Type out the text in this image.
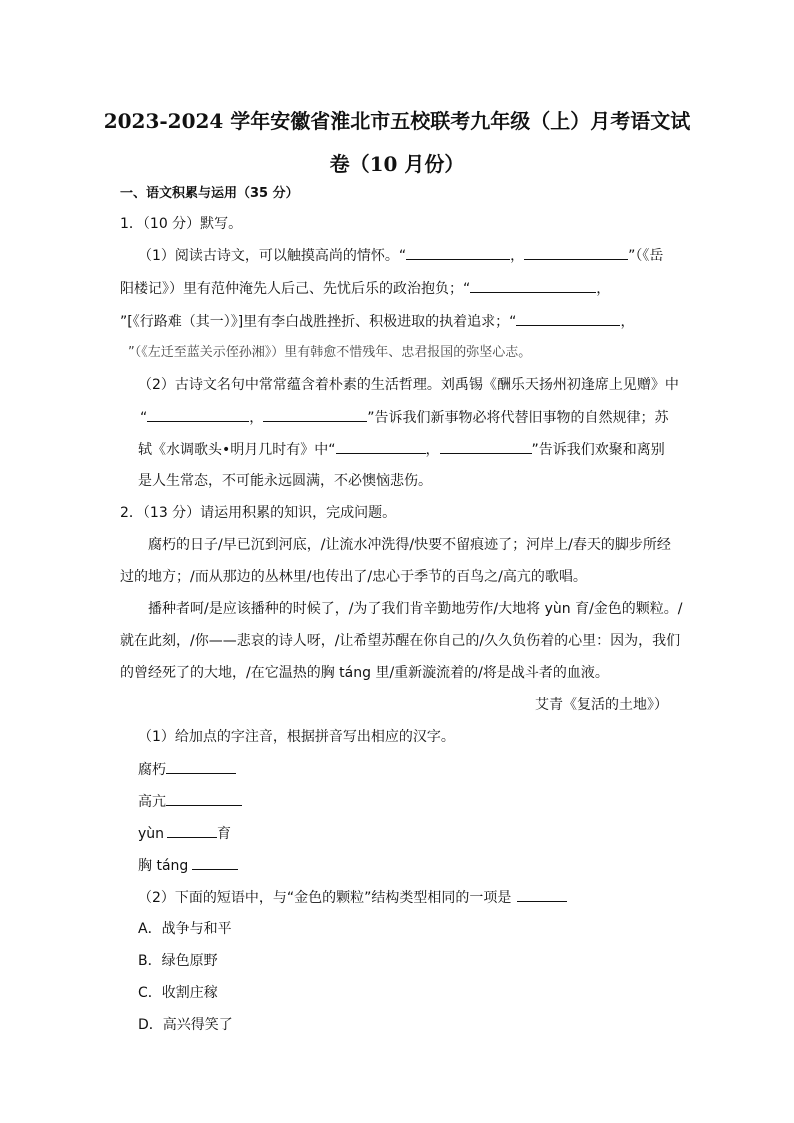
2023-2024 学年安徽省淮北市五校联考九年级（上）月考语文试
卷（10 月份）
一、语文积累与运用（35 分）
1．（10 分）默写。
（1）阅读古诗文，可以触摸高尚的情怀。“	，	”（《岳
阳楼记》）里有范仲淹先人后己、先忧后乐的政治抱负；“	，
”[《行路难（其一）》]里有李白战胜挫折、积极进取的执着追求；“	，
”（《左迁至蓝关示侄孙湘》）里有韩愈不惜残年、忠君报国的弥坚心志。
（2）古诗文名句中常常蕴含着朴素的生活哲理。刘禹锡《酬乐天扬州初逢席上见赠》中
“	，	”告诉我们新事物必将代替旧事物的自然规律；苏
轼《水调歌头•明月几时有》中“	，	”告诉我们欢聚和离别
是人生常态，不可能永远圆满，不必懊恼悲伤。
2．（13 分）请运用积累的知识，完成问题。
腐朽的日子/早已沉到河底，/让流水冲洗得/快要不留痕迹了；河岸上/春天的脚步所经
过的地方；/而从那边的丛林里/也传出了/忠心于季节的百鸟之/高亢的歌唱。
播种者呵/是应该播种的时候了，/为了我们肯辛勤地劳作/大地将 yùn 育/金色的颗粒。/
就在此刻，/你——悲哀的诗人呀，/让希望苏醒在你自己的/久久负伤着的心里：因为，我们
的曾经死了的大地，/在它温热的胸 táng 里/重新漩流着的/将是战斗者的血液。
艾青《复活的土地》）
（1）给加点的字注音，根据拼音写出相应的汉字。
腐朽
高亢
yùn	育
胸 táng
（2）下面的短语中，与“金色的颗粒”结构类型相同的一项是
A．战争与和平
B．绿色原野
C．收割庄稼
D．高兴得笑了
